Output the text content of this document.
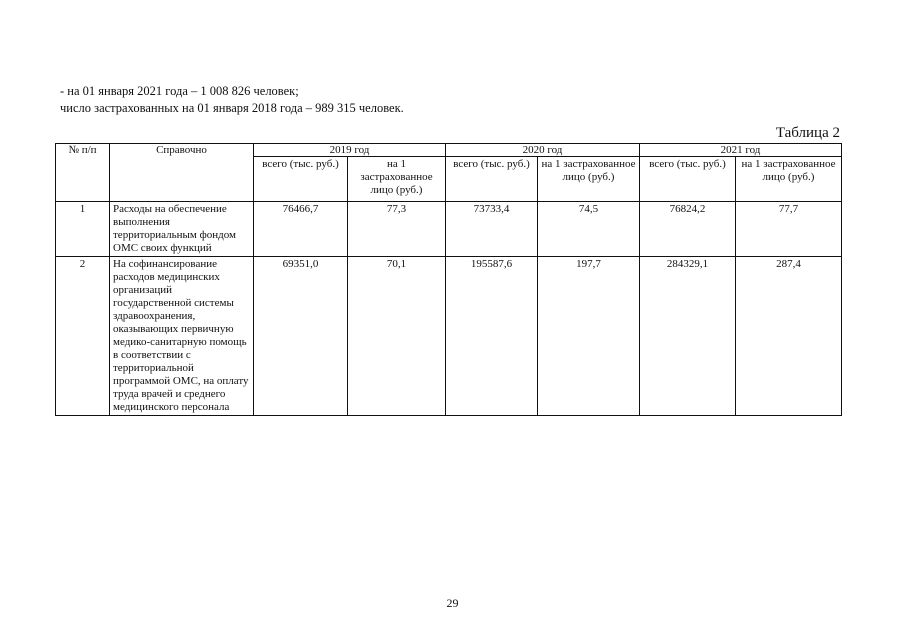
- на 01 января 2021 года – 1 008 826 человек;
число застрахованных на 01 января 2018 года – 989 315 человек.
Таблица 2
№ п/п	Справочно	2019 год		2020 год		2021 год	
		всего (тыс. руб.)	на 1 застрахованное лицо (руб.)	всего (тыс. руб.)	на 1 застрахованное лицо (руб.)	всего (тыс. руб.)	на 1 застрахованное лицо (руб.)
1	Расходы на обеспечение выполнения территориальным фондом ОМС своих функций	76466,7	77,3	73733,4	74,5	76824,2	77,7
2	На софинансирование расходов медицинских организаций государственной системы здравоохранения, оказывающих первичную медико-санитарную помощь в соответствии с территориальной программой ОМС, на оплату труда врачей и среднего медицинского персонала	69351,0	70,1	195587,6	197,7	284329,1	287,4
29
